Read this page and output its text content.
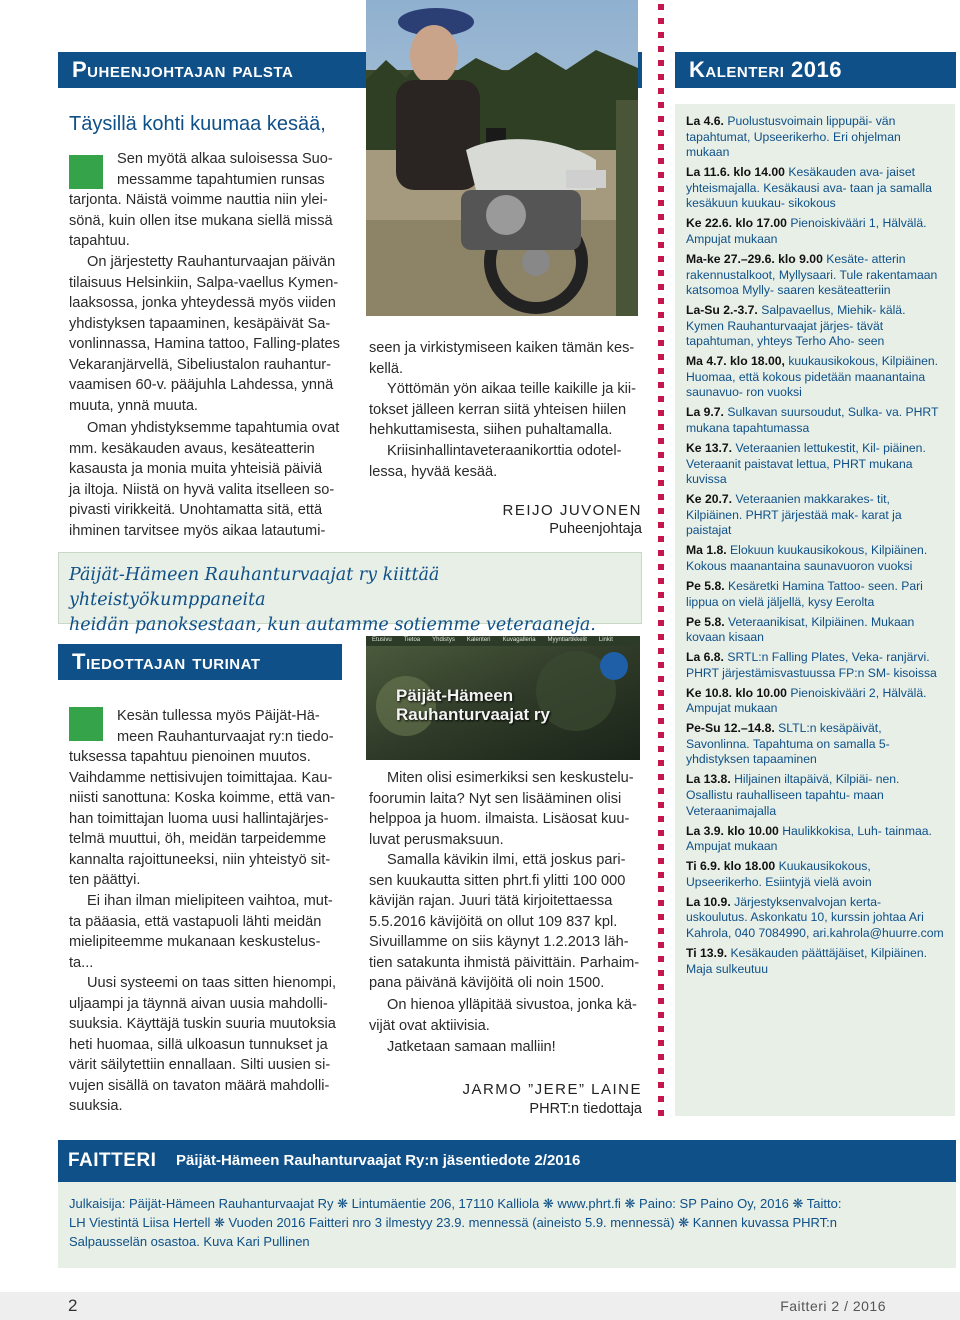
Puheenjohtajan palsta	Kalenteri 2016
Täysillä kohti kuumaa kesää,
Sen myötä alkaa suloisessa Suo-
messamme tapahtumien runsas
tarjonta. Näistä voimme nauttia niin ylei-
sönä, kuin ollen itse mukana siellä missä
tapahtuu.
On järjestetty Rauhanturvaajan päivän
tilaisuus Helsinkiin, Salpa-vaellus Kymen-
laaksossa, jonka yhteydessä myös viiden
yhdistyksen tapaaminen, kesäpäivät Sa-
vonlinnassa, Hamina tattoo, Falling-plates
Vekaranjärvellä, Sibeliustalon rauhantur-
vaamisen 60-v. pääjuhla Lahdessa, ynnä
muuta, ynnä muuta.
Oman yhdistyksemme tapahtumia ovat
mm. kesäkauden avaus, kesäteatterin
kasausta ja monia muita yhteisiä päiviä
ja iltoja. Niistä on hyvä valita itselleen so-
pivasti virikkeitä. Unohtamatta sitä, että
ihminen tarvitsee myös aikaa latautumi-
seen ja virkistymiseen kaiken tämän kes-
kellä.
Yöttömän yön aikaa teille kaikille ja kii-
tokset jälleen kerran siitä yhteisen hiilen
hehkuttamisesta, siihen puhaltamalla.
Kriisinhallintaveteraanikorttia odotel-
lessa, hyvää kesää.
REIJO JUVONEN
Puheenjohtaja
Päijät-Hämeen Rauhanturvaajat ry kiittää yhteistyökumppaneita
heidän panoksestaan, kun autamme sotiemme veteraaneja.
Tiedottajan turinat
Kesän tullessa myös Päijät-Hä-
meen Rauhanturvaajat ry:n tiedo-
tuksessa tapahtuu pienoinen muutos.
Vaihdamme nettisivujen toimittajaa. Kau-
niisti sanottuna: Koska koimme, että van-
han toimittajan luoma uusi hallintajärjes-
telmä muuttui, öh, meidän tarpeidemme
kannalta rajoittuneeksi, niin yhteistyö sit-
ten päättyi.
Ei ihan ilman mielipiteen vaihtoa, mut-
ta pääasia, että vastapuoli lähti meidän
mielipiteemme mukanaan keskustelus-
ta...
Uusi systeemi on taas sitten hienompi,
uljaampi ja täynnä aivan uusia mahdolli-
suuksia. Käyttäjä tuskin suuria muutoksia
heti huomaa, sillä ulkoasun tunnukset ja
värit säilytettiin ennallaan. Silti uusien si-
vujen sisällä on tavaton määrä mahdolli-
suuksia.
Etusivu Tietoa Yhdistys Kalenteri Kuvagalleria Myyntiartikkelit Linkit
Päijät-Hämeen
Rauhanturvaajat ry
Miten olisi esimerkiksi sen keskustelu-
foorumin laita? Nyt sen lisääminen olisi
helppoa ja huom. ilmaista. Lisäosat kuu-
luvat perusmaksuun.
Samalla kävikin ilmi, että joskus pari-
sen kuukautta sitten phrt.fi ylitti 100 000
kävijän rajan. Juuri tätä kirjoitettaessa
5.5.2016 kävijöitä on ollut 109 837 kpl.
Sivuillamme on siis käynyt 1.2.2013 läh-
tien satakunta ihmistä päivittäin. Parhaim-
pana päivänä kävijöitä oli noin 1500.
On hienoa ylläpitää sivustoa, jonka kä-
vijät ovat aktiivisia.
Jatketaan samaan malliin!
JARMO ”JERE” LAINE
PHRT:n tiedottaja
La 4.6. Puolustusvoimain lippupäi- vän tapahtumat, Upseerikerho. Eri ohjelman mukaan
La 11.6. klo 14.00 Kesäkauden ava- jaiset yhteismajalla. Kesäkausi ava- taan ja samalla kesäkuun kuukau- sikokous
Ke 22.6. klo 17.00 Pienoiskivääri 1, Hälvälä. Ampujat mukaan
Ma-ke 27.–29.6. klo 9.00 Kesäte- atterin rakennustalkoot, Myllysaari. Tule rakentamaan katsomoa Mylly- saaren kesäteatteriin
La-Su 2.-3.7. Salpavaellus, Miehik- kälä. Kymen Rauhanturvaajat järjes- tävät tapahtuman, yhteys Terho Aho- seen
Ma 4.7. klo 18.00, kuukausikokous, Kilpiäinen. Huomaa, että kokous pidetään maanantaina saunavuo- ron vuoksi
La 9.7. Sulkavan suursoudut, Sulka- va. PHRT mukana tapahtumassa
Ke 13.7. Veteraanien lettukestit, Kil- piäinen. Veteraanit paistavat lettua, PHRT mukana kuvissa
Ke 20.7. Veteraanien makkarakes- tit, Kilpiäinen. PHRT järjestää mak- karat ja paistajat
Ma 1.8. Elokuun kuukausikokous, Kilpiäinen. Kokous maanantaina saunavuoron vuoksi
Pe 5.8. Kesäretki Hamina Tattoo- seen. Pari lippua on vielä jäljellä, kysy Eerolta
Pe 5.8. Veteraanikisat, Kilpiäinen. Mukaan kovaan kisaan
La 6.8. SRTL:n Falling Plates, Veka- ranjärvi. PHRT järjestämisvastuussa FP:n SM- kisoissa
Ke 10.8. klo 10.00 Pienoiskivääri 2, Hälvälä. Ampujat mukaan
Pe-Su 12.–14.8. SLTL:n kesäpäivät, Savonlinna. Tapahtuma on samalla 5- yhdistyksen tapaaminen
La 13.8. Hiljainen iltapäivä, Kilpiäi- nen. Osallistu rauhalliseen tapahtu- maan Veteraanimajalla
La 3.9. klo 10.00 Haulikkokisa, Luh- tainmaa. Ampujat mukaan
Ti 6.9. klo 18.00 Kuukausikokous, Upseerikerho. Esiintyjä vielä avoin
La 10.9. Järjestyksenvalvojan kerta- uskoulutus. Askonkatu 10, kurssin johtaa Ari Kahrola, 040 7084990, ari.kahrola@huurre.com
Ti 13.9. Kesäkauden päättäjäiset, Kilpiäinen. Maja sulkeutuu
FAITTERI Päijät-Hämeen Rauhanturvaajat Ry:n jäsentiedote 2/2016
Julkaisija: Päijät-Hämeen Rauhanturvaajat Ry ❋ Lintumäentie 206, 17110 Kalliola ❋ www.phrt.fi ❋ Paino: SP Paino Oy, 2016 ❋ Taitto:
LH Viestintä Liisa Hertell ❋ Vuoden 2016 Faitteri nro 3 ilmestyy 23.9. mennessä (aineisto 5.9. mennessä) ❋ Kannen kuvassa PHRT:n
Salpausselän osastoa. Kuva Kari Pullinen
2	Faitteri 2 / 2016
